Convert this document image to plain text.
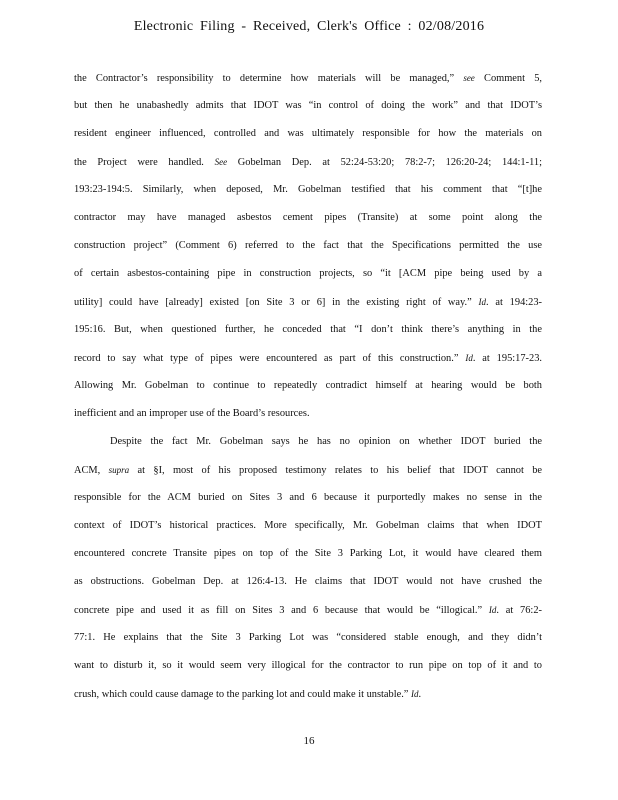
Electronic Filing - Received, Clerk's Office : 02/08/2016
the Contractor’s responsibility to determine how materials will be managed,” see Comment 5,
but then he unabashedly admits that IDOT was “in control of doing the work” and that IDOT’s
resident engineer influenced, controlled and was ultimately responsible for how the materials on
the Project were handled. See Gobelman Dep. at 52:24-53:20; 78:2-7; 126:20-24; 144:1-11;
193:23-194:5. Similarly, when deposed, Mr. Gobelman testified that his comment that “[t]he
contractor may have managed asbestos cement pipes (Transite) at some point along the
construction project” (Comment 6) referred to the fact that the Specifications permitted the use
of certain asbestos-containing pipe in construction projects, so “it [ACM pipe being used by a
utility] could have [already] existed [on Site 3 or 6] in the existing right of way.” Id. at 194:23-
195:16. But, when questioned further, he conceded that “I don’t think there’s anything in the
record to say what type of pipes were encountered as part of this construction.” Id. at 195:17-23.
Allowing Mr. Gobelman to continue to repeatedly contradict himself at hearing would be both
inefficient and an improper use of the Board’s resources.
Despite the fact Mr. Gobelman says he has no opinion on whether IDOT buried the
ACM, supra at §I, most of his proposed testimony relates to his belief that IDOT cannot be
responsible for the ACM buried on Sites 3 and 6 because it purportedly makes no sense in the
context of IDOT’s historical practices. More specifically, Mr. Gobelman claims that when IDOT
encountered concrete Transite pipes on top of the Site 3 Parking Lot, it would have cleared them
as obstructions. Gobelman Dep. at 126:4-13. He claims that IDOT would not have crushed the
concrete pipe and used it as fill on Sites 3 and 6 because that would be “illogical.” Id. at 76:2-
77:1. He explains that the Site 3 Parking Lot was “considered stable enough, and they didn’t
want to disturb it, so it would seem very illogical for the contractor to run pipe on top of it and to
crush, which could cause damage to the parking lot and could make it unstable.” Id.
16
